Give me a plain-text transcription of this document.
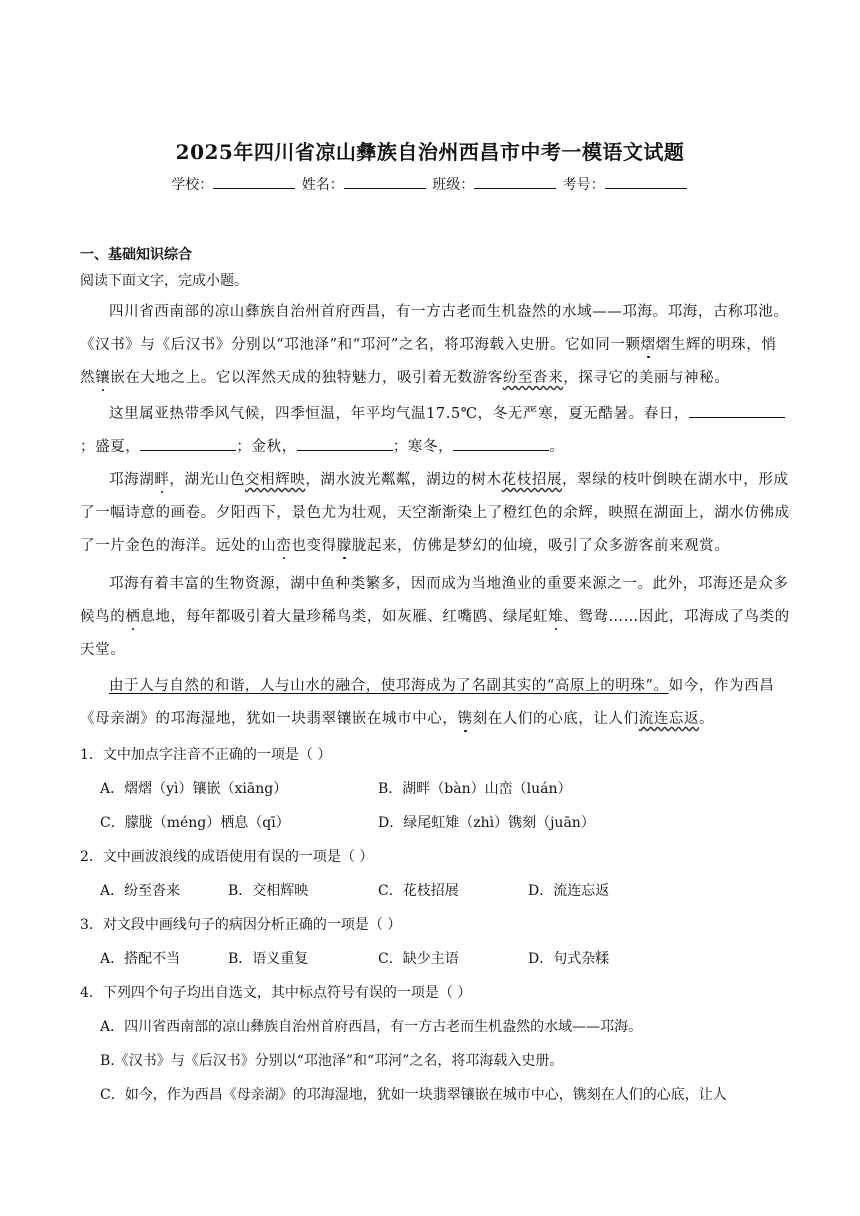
2025年四川省凉山彝族自治州西昌市中考一模语文试题
学校：	姓名：	班级：	考号：
一、基础知识综合
阅读下面文字，完成小题。
四川省西南部的凉山彝族自治州首府西昌，有一方古老而生机盎然的水域——邛海。邛海，古称邛池。《汉书》与《后汉书》分别以“邛池泽”和“邛河”之名，将邛海载入史册。它如同一颗熠熠生辉的明珠，悄然镶嵌在大地之上。它以浑然天成的独特魅力，吸引着无数游客纷至沓来，探寻它的美丽与神秘。
这里属亚热带季风气候，四季恒温，年平均气温17.5℃，冬无严寒，夏无酷暑。春日，；盛夏，	；金秋，	；寒冬，	。
邛海湖畔，湖光山色交相辉映，湖水波光粼粼，湖边的树木花枝招展，翠绿的枝叶倒映在湖水中，形成了一幅诗意的画卷。夕阳西下，景色尤为壮观，天空渐渐染上了橙红色的余辉，映照在湖面上，湖水仿佛成了一片金色的海洋。远处的山峦也变得朦胧起来，仿佛是梦幻的仙境，吸引了众多游客前来观赏。
邛海有着丰富的生物资源，湖中鱼种类繁多，因而成为当地渔业的重要来源之一。此外，邛海还是众多候鸟的栖息地，每年都吸引着大量珍稀鸟类，如灰雁、红嘴鸥、绿尾虹雉、鸳鸯……因此，邛海成了鸟类的天堂。
由于人与自然的和谐，人与山水的融合，使邛海成为了名副其实的“高原上的明珠”。如今，作为西昌《母亲湖》的邛海湿地，犹如一块翡翠镶嵌在城市中心，镌刻在人们的心底，让人们流连忘返。
1．文中加点字注音不正确的一项是（ ）
A．熠熠（yì）镶嵌（xiāng）	B．湖畔（bàn）山峦（luán）
C．朦胧（méng）栖息（qī）	D．绿尾虹雉（zhì）镌刻（juān）
2．文中画波浪线的成语使用有误的一项是（ ）
A．纷至沓来	B．交相辉映	C．花枝招展	D．流连忘返
3．对文段中画线句子的病因分析正确的一项是（ ）
A．搭配不当	B．语义重复	C．缺少主语	D．句式杂糅
4．下列四个句子均出自选文，其中标点符号有误的一项是（ ）
A．四川省西南部的凉山彝族自治州首府西昌，有一方古老而生机盎然的水域——邛海。
B.《汉书》与《后汉书》分别以“邛池泽”和“邛河”之名，将邛海载入史册。
C．如今，作为西昌《母亲湖》的邛海湿地，犹如一块翡翠镶嵌在城市中心，镌刻在人们的心底，让人
